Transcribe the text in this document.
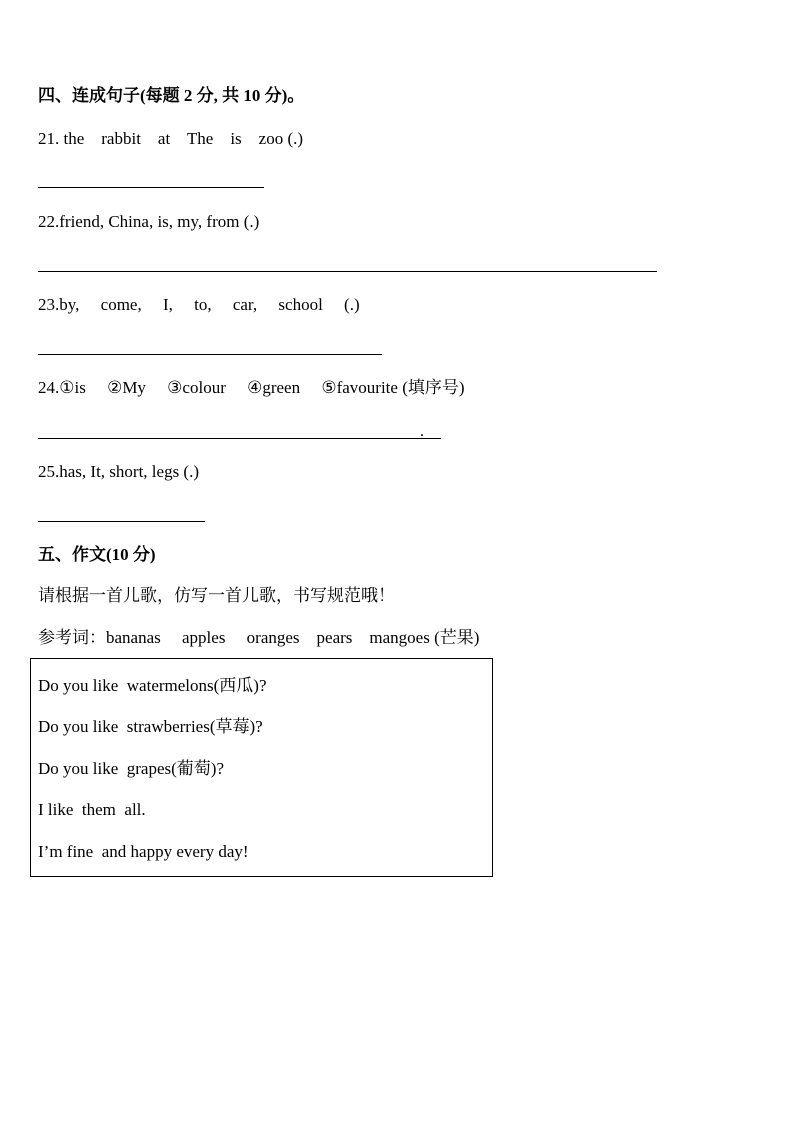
四、连成句子(每题 2 分, 共 10 分)。
21. the    rabbit    at    The    is    zoo (.)
22.friend, China, is, my, from (.)
23.by,     come,     I,     to,     car,     school     (.)
24.①is     ②My     ③colour     ④green     ⑤favourite (填序号)
.
25.has, It, short, legs (.)
五、作文(10 分)
请根据一首儿歌，仿写一首儿歌，书写规范哦！
参考词：bananas     apples     oranges    pears    mangoes (芒果)
Do you like  watermelons(西瓜)?
Do you like  strawberries(草莓)?
Do you like  grapes(葡萄)?
I like  them  all.
I’m fine  and happy every day!
